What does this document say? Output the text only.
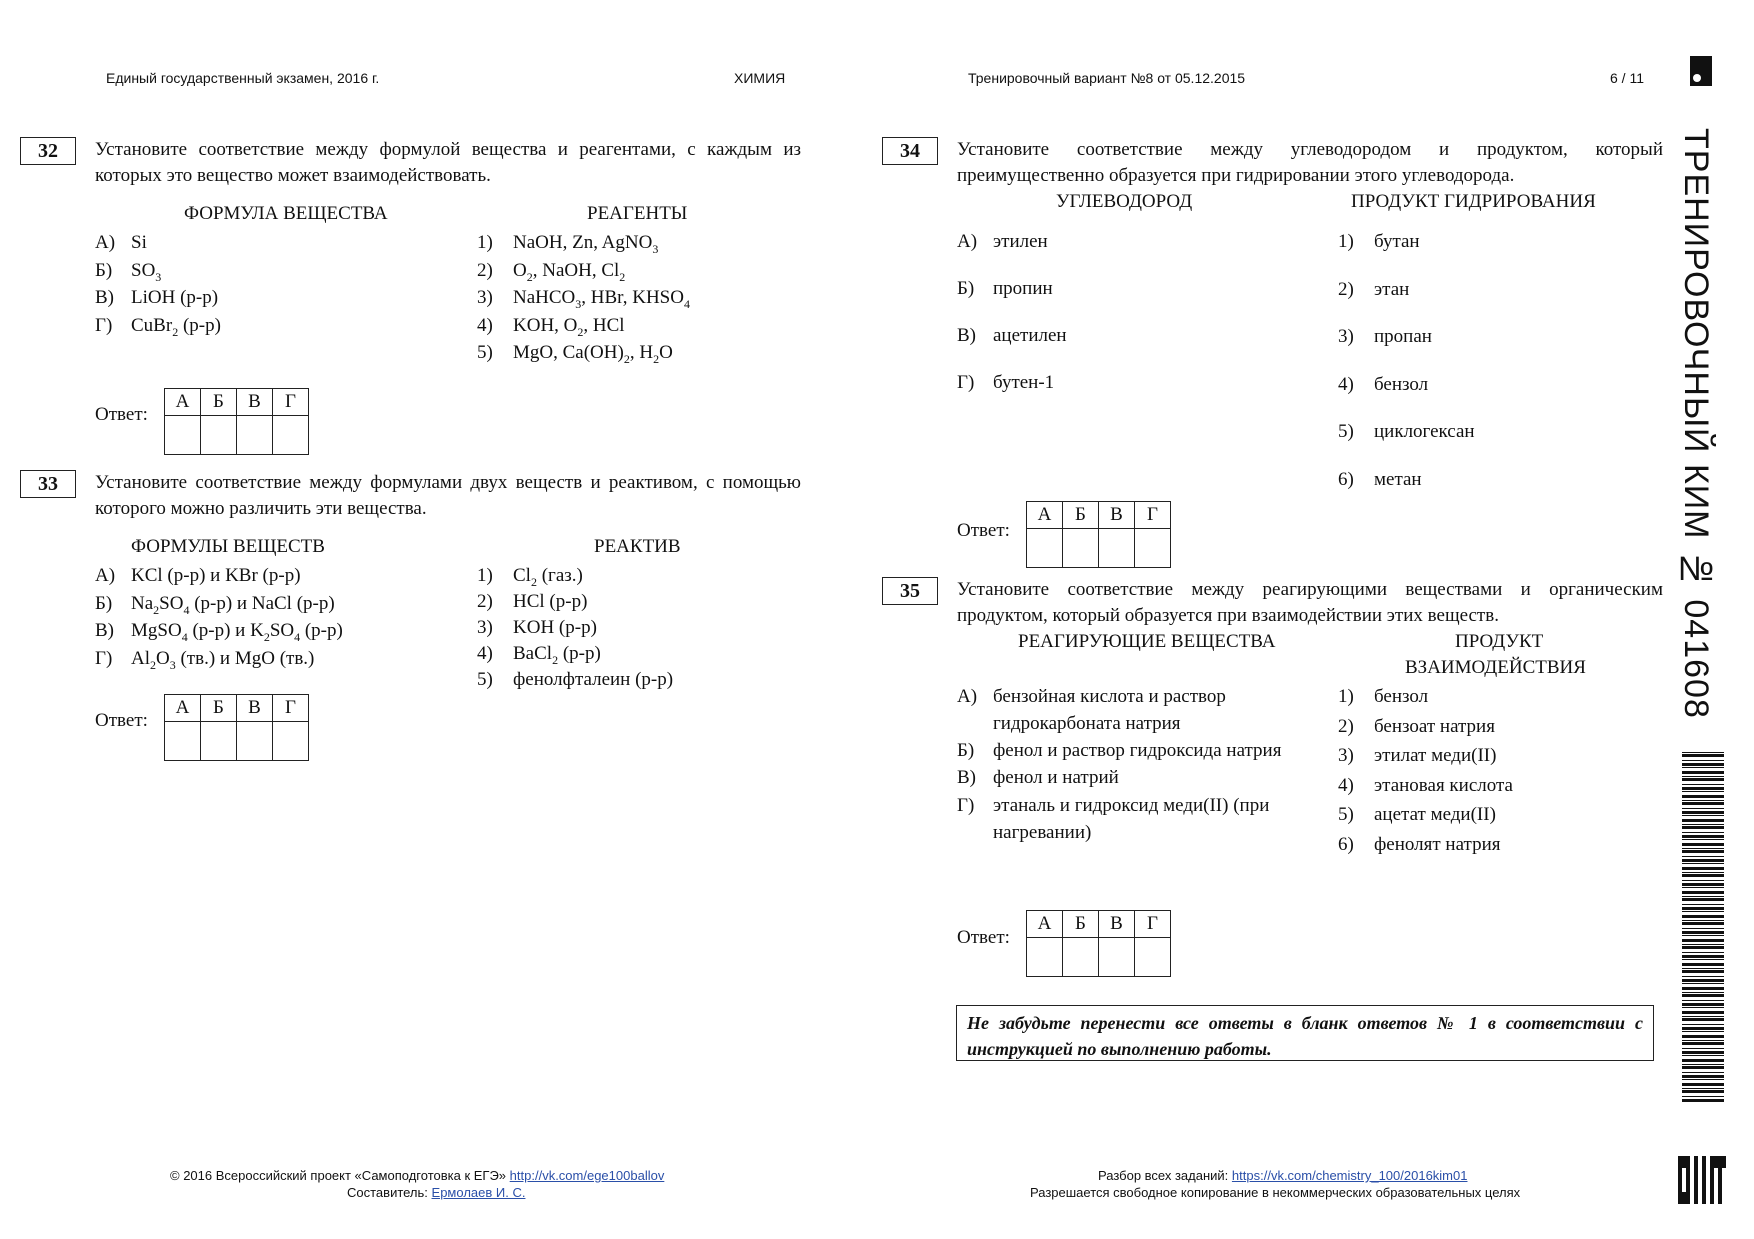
Единый государственный экзамен, 2016 г.	ХИМИЯ	Тренировочный вариант №8 от 05.12.2015	6 / 11
32	Установите соответствие между формулой вещества и реагентами, с каждым из которых это вещество может взаимодействовать.
ФОРМУЛА ВЕЩЕСТВА	РЕАГЕНТЫ
А) Si
Б) $SO_3$
В) LiOH (р-р)
Г) CuBr$_2$ (р-р)
1) NaOH, Zn, AgNO$_3$
2) $O_2$, NaOH, $Cl_2$
3) NaHCO$_3$, HBr, $KHSO_4$
4) KOH, $O_2$, HCl
5) MgO, $Ca(OH)_2$, $H_2O$
Ответ:
А	Б	В	Г

33	Установите соответствие между формулами двух веществ и реактивом, с помощью которого можно различить эти вещества.
ФОРМУЛЫ ВЕЩЕСТВ	РЕАКТИВ
А) KCl (р-р) и KBr (р-р)
Б) $Na_2SO_4$ (р-р) и NaCl (р-р)
В) MgSO$_4$ (р-р) и $K_2SO_4$ (р-р)
Г) $Al_2O_3$ (тв.) и MgO (тв.)
1) $Cl_2$ (газ.)
2) HCl (р-р)
3) KOH (р-р)
4) BaCl$_2$ (р-р)
5) фенолфталеин (р-р)
Ответ:
А	Б	В	Г

34	Установите соответствие между углеводородом и продуктом, который преимущественно образуется при гидрировании этого углеводорода.
УГЛЕВОДОРОД	ПРОДУКТ ГИДРИРОВАНИЯ
А) этилен
Б) пропин
В) ацетилен
Г) бутен-1
1) бутан
2) этан
3) пропан
4) бензол
5) циклогексан
6) метан
Ответ:
А	Б	В	Г

35	Установите соответствие между реагирующими веществами и органическим продуктом, который образуется при взаимодействии этих веществ.
РЕАГИРУЮЩИЕ ВЕЩЕСТВА	ПРОДУКТ
ВЗАИМОДЕЙСТВИЯ
А) бензойная кислота и раствор
гидрокарбоната натрия
Б) фенол и раствор гидроксида натрия
В) фенол и натрий
Г) этаналь и гидроксид меди(II) (при
нагревании)
1) бензол
2) бензоат натрия
3) этилат меди(II)
4) этановая кислота
5) ацетат меди(II)
6) фенолят натрия
Ответ:
А	Б	В	Г

Не забудьте перенести все ответы в бланк ответов № 1 в соответствии с инструкцией по выполнению работы.
ТРЕНИРОВОЧНЫЙ КИМ № 041608
© 2016 Всероссийский проект «Самоподготовка к ЕГЭ» http://vk.com/ege100ballov
Составитель: Ермолаев И. С.
Разбор всех заданий: https://vk.com/chemistry_100/2016kim01
Разрешается свободное копирование в некоммерческих образовательных целях
